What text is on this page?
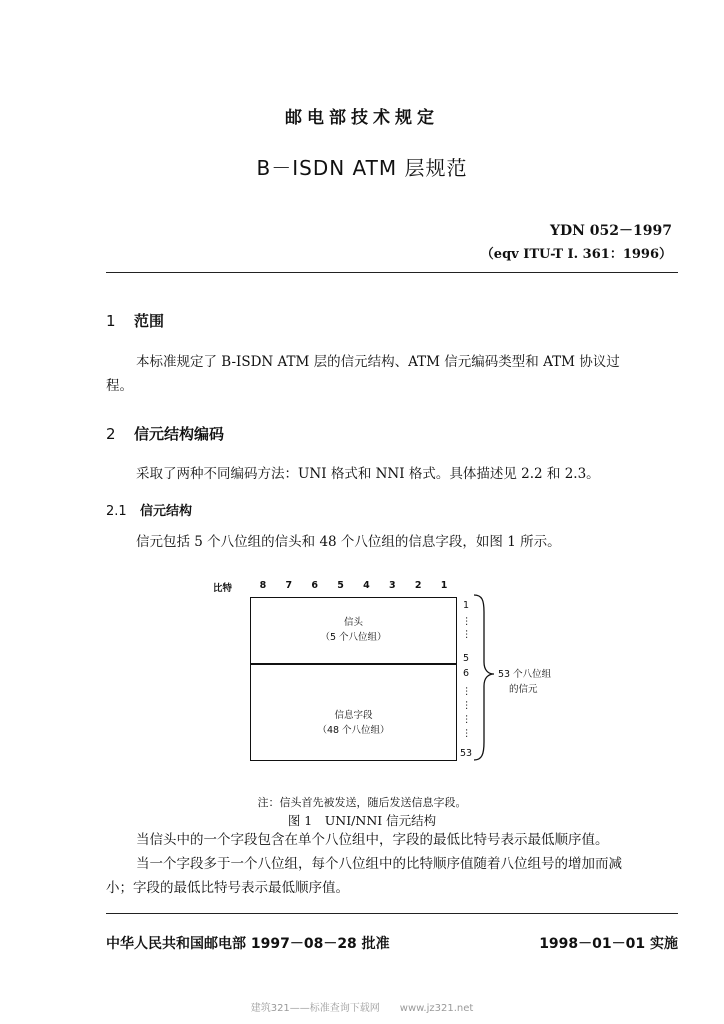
邮电部技术规定
B－ISDN ATM 层规范
YDN 052－1997
（eqv ITU-T I. 361：1996）
1 范围
本标准规定了 B-ISDN ATM 层的信元结构、ATM 信元编码类型和 ATM 协议过
程。
2 信元结构编码
采取了两种不同编码方法：UNI 格式和 NNI 格式。具体描述见 2.2 和 2.3。
2.1 信元结构
信元包括 5 个八位组的信头和 48 个八位组的信息字段，如图 1 所示。
比特	8 7 6 5 4 3 2 1
信头
（5 个八位组）
信息字段
（48 个八位组）
1
⋮
⋮
5
6
⋮
⋮
⋮
⋮
53
53 个八位组
的信元
注：信头首先被发送，随后发送信息字段。
图 1　UNI/NNI 信元结构
当信头中的一个字段包含在单个八位组中，字段的最低比特号表示最低顺序值。
当一个字段多于一个八位组，每个八位组中的比特顺序值随着八位组号的增加而减
小；字段的最低比特号表示最低顺序值。
中华人民共和国邮电部 1997－08－28 批准	1998－01－01 实施
建筑321——标准查询下载网　　www.jz321.net
